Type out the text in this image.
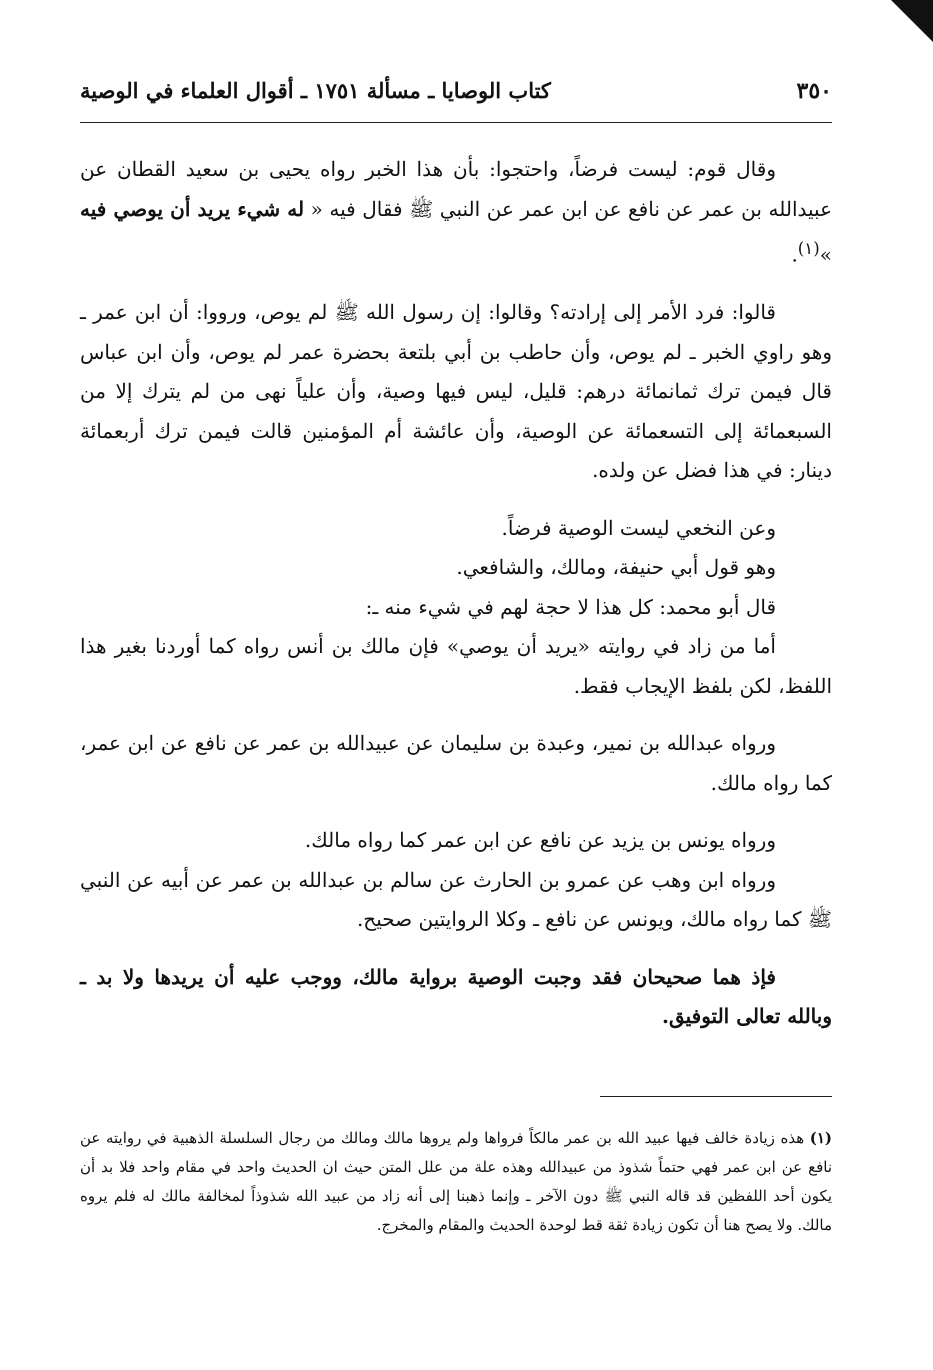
٣٥٠
كتاب الوصايا ـ مسألة ١٧٥١ ـ أقوال العلماء في الوصية

وقال قوم: ليست فرضاً، واحتجوا: بأن هذا الخبر رواه يحيى بن سعيد القطان عن عبيدالله بن عمر عن نافع عن ابن عمر عن النبي ﷺ فقال فيه « له شيء يريد أن يوصي فيه »$^{(١)}$.

قالوا: فرد الأمر إلى إرادته؟ وقالوا: إن رسول الله ﷺ لم يوص، ورووا: أن ابن عمر ـ وهو راوي الخبر ـ لم يوص، وأن حاطب بن أبي بلتعة بحضرة عمر لم يوص، وأن ابن عباس قال فيمن ترك ثمانمائة درهم: قليل، ليس فيها وصية، وأن علياً نهى من لم يترك إلا من السبعمائة إلى التسعمائة عن الوصية، وأن عائشة أم المؤمنين قالت فيمن ترك أربعمائة دينار: في هذا فضل عن ولده.

وعن النخعي ليست الوصية فرضاً.

وهو قول أبي حنيفة، ومالك، والشافعي.

قال أبو محمد: كل هذا لا حجة لهم في شيء منه ـ:

أما من زاد في روايته «يريد أن يوصي» فإن مالك بن أنس رواه كما أوردنا بغير هذا اللفظ، لكن بلفظ الإيجاب فقط.

ورواه عبدالله بن نمير، وعبدة بن سليمان عن عبيدالله بن عمر عن نافع عن ابن عمر، كما رواه مالك.

ورواه يونس بن يزيد عن نافع عن ابن عمر كما رواه مالك.

ورواه ابن وهب عن عمرو بن الحارث عن سالم بن عبدالله بن عمر عن أبيه عن النبي ﷺ كما رواه مالك، ويونس عن نافع ـ وكلا الروايتين صحيح.

فإذ هما صحيحان فقد وجبت الوصية برواية مالك، ووجب عليه أن يريدها ولا بد ـ وبالله تعالى التوفيق.

(١) هذه زيادة خالف فيها عبيد الله بن عمر مالكاً فرواها ولم يروها مالك ومالك من رجال السلسلة الذهبية في روايته عن نافع عن ابن عمر فهي حتماً شذوذ من عبيدالله وهذه علة من علل المتن حيث ان الحديث واحد في مقام واحد فلا بد أن يكون أحد اللفظين قد قاله النبي ﷺ دون الآخر ـ وإنما ذهبنا إلى أنه زاد من عبيد الله شذوذاً لمخالفة مالك له فلم يروه مالك. ولا يصح هنا أن تكون زيادة ثقة قط لوحدة الحديث والمقام والمخرج.
